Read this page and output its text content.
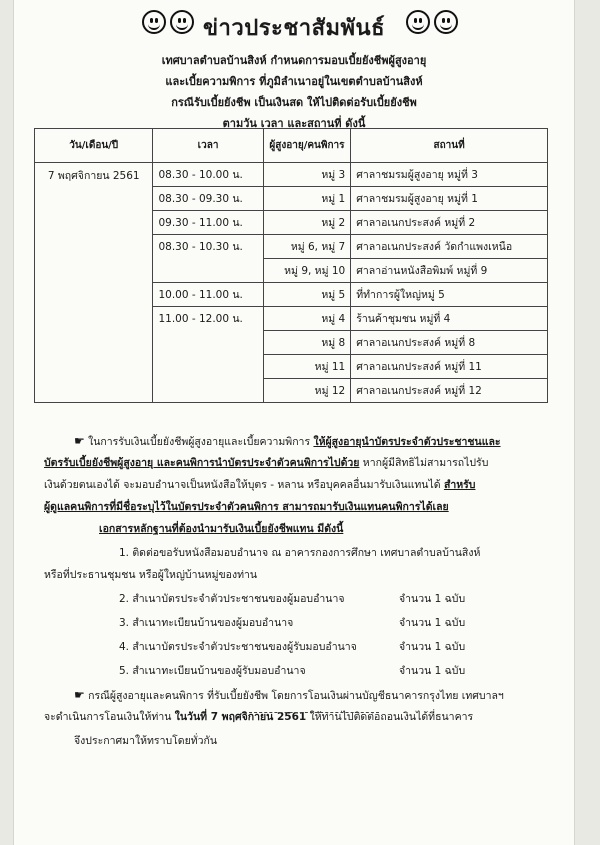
ข่าวประชาสัมพันธ์
เทศบาลตำบลบ้านสิงห์ กำหนดการมอบเบี้ยยังชีพผู้สูงอายุ
และเบี้ยความพิการ ที่ภูมิลำเนาอยู่ในเขตตำบลบ้านสิงห์
กรณีรับเบี้ยยังชีพ เป็นเงินสด ให้ไปติดต่อรับเบี้ยยังชีพ
ตามวัน เวลา และสถานที่ ดังนี้
วัน/เดือน/ปี	เวลา	ผู้สูงอายุ/คนพิการ	สถานที่
7 พฤศจิกายน 2561	08.30 - 10.00 น.	หมู่ 3	ศาลาชมรมผู้สูงอายุ หมู่ที่ 3
	08.30 - 09.30 น.	หมู่ 1	ศาลาชมรมผู้สูงอายุ หมู่ที่ 1
	09.30 - 11.00 น.	หมู่ 2	ศาลาอเนกประสงค์ หมู่ที่ 2
	08.30 - 10.30 น.	หมู่ 6, หมู่ 7	ศาลาอเนกประสงค์ วัดกำแพงเหนือ
		หมู่ 9, หมู่ 10	ศาลาอ่านหนังสือพิมพ์ หมู่ที่ 9
	10.00 - 11.00 น.	หมู่ 5	ที่ทำการผู้ใหญ่หมู่ 5
	11.00 - 12.00 น.	หมู่ 4	ร้านค้าชุมชน หมู่ที่ 4
		หมู่ 8	ศาลาอเนกประสงค์ หมู่ที่ 8
		หมู่ 11	ศาลาอเนกประสงค์ หมู่ที่ 11
		หมู่ 12	ศาลาอเนกประสงค์ หมู่ที่ 12
☛ ในการรับเงินเบี้ยยังชีพผู้สูงอายุและเบี้ยความพิการ ให้ผู้สูงอายุนำบัตรประจำตัวประชาชนและ
บัตรรับเบี้ยยังชีพผู้สูงอายุ และคนพิการนำบัตรประจำตัวคนพิการไปด้วย หากผู้มีสิทธิไม่สามารถไปรับ
เงินด้วยตนเองได้ จะมอบอำนาจเป็นหนังสือให้บุตร - หลาน หรือบุคคลอื่นมารับเงินแทนได้ สำหรับ
ผู้ดูแลคนพิการที่มีชื่อระบุไว้ในบัตรประจำตัวคนพิการ สามารถมารับเงินแทนคนพิการได้เลย
เอกสารหลักฐานที่ต้องนำมารับเงินเบี้ยยังชีพแทน มีดังนี้
1. ติดต่อขอรับหนังสือมอบอำนาจ ณ อาคารกองการศึกษา เทศบาลตำบลบ้านสิงห์
หรือที่ประธานชุมชน หรือผู้ใหญ่บ้านหมู่ของท่าน
2. สำเนาบัตรประจำตัวประชาชนของผู้มอบอำนาจ	จำนวน 1 ฉบับ
3. สำเนาทะเบียนบ้านของผู้มอบอำนาจ	จำนวน 1 ฉบับ
4. สำเนาบัตรประจำตัวประชาชนของผู้รับมอบอำนาจ	จำนวน 1 ฉบับ
5. สำเนาทะเบียนบ้านของผู้รับมอบอำนาจ	จำนวน 1 ฉบับ
☛ กรณีผู้สูงอายุและคนพิการ ที่รับเบี้ยยังชีพ โดยการโอนเงินผ่านบัญชีธนาคารกรุงไทย เทศบาลฯ
จะดำเนินการโอนเงินให้ท่าน ในวันที่ 7 พฤศจิกายน 2561 ให้ท่านไปติดต่อถอนเงินได้ที่ธนาคาร
จึงประกาศมาให้ทราบโดยทั่วกัน
